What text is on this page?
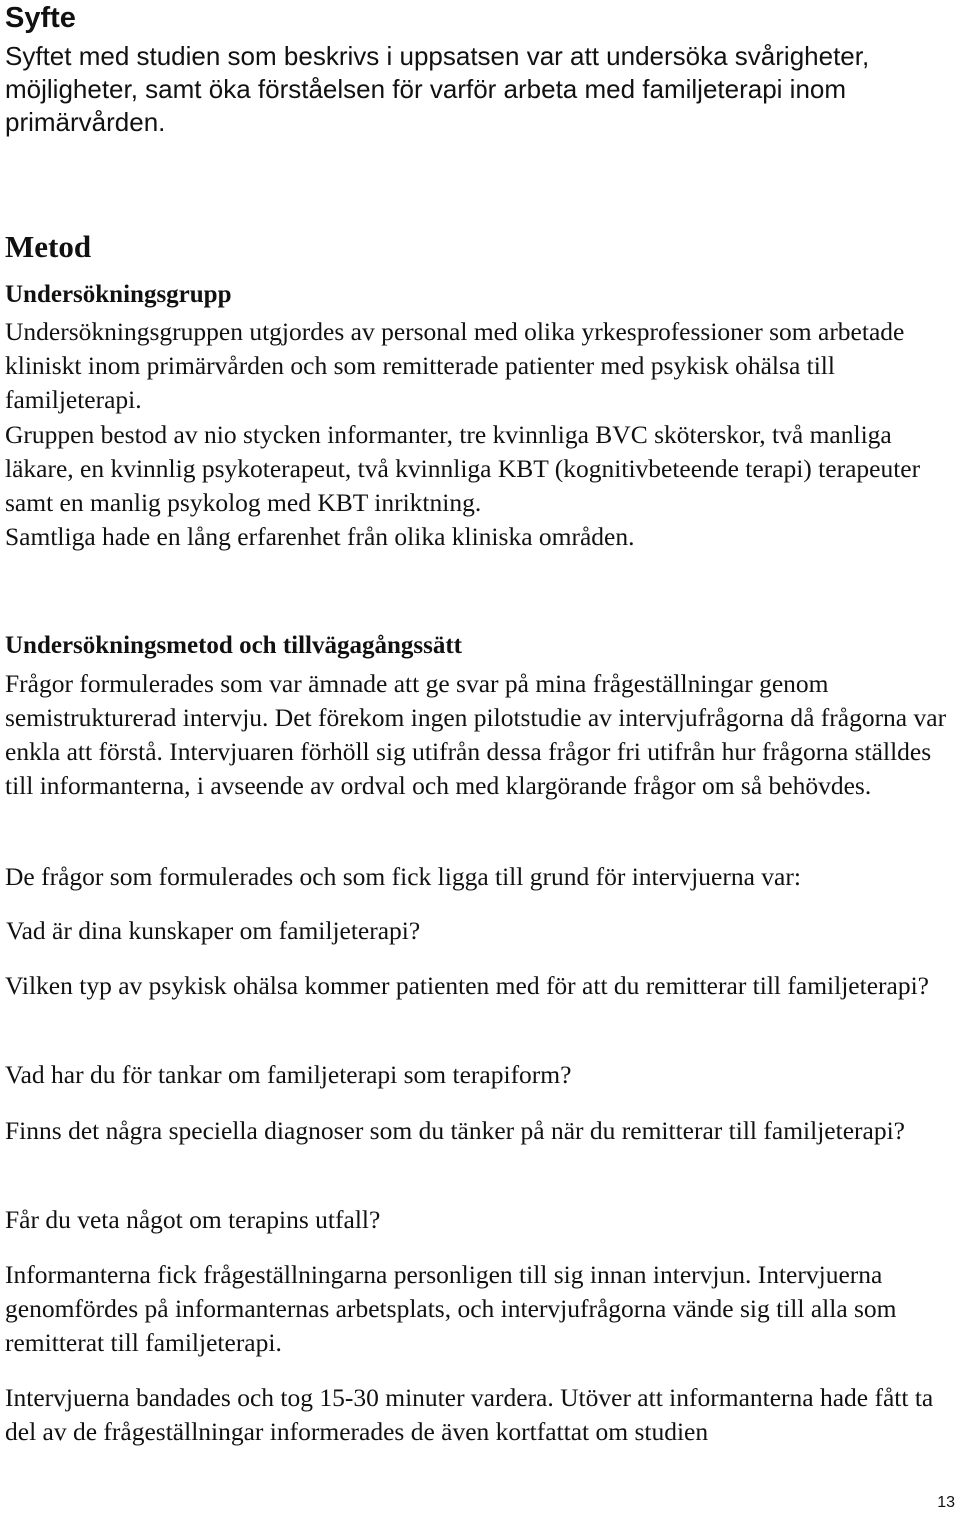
Syfte

Syftet med studien som beskrivs i uppsatsen var att undersöka svårigheter, möjligheter, samt öka förståelsen för varför arbeta med familjeterapi inom primärvården.

Metod
Undersökningsgrupp

Undersökningsgruppen utgjordes av personal med olika yrkesprofessioner som arbetade kliniskt inom primärvården och som remitterade patienter med psykisk ohälsa till familjeterapi.

Gruppen bestod av nio stycken informanter, tre kvinnliga BVC sköterskor, två manliga läkare, en kvinnlig psykoterapeut, två kvinnliga KBT (kognitivbeteende terapi) terapeuter samt en manlig psykolog med KBT inriktning.

Samtliga hade en lång erfarenhet från olika kliniska områden.

Undersökningsmetod och tillvägagångssätt

Frågor formulerades som var ämnade att ge svar på mina frågeställningar genom semistrukturerad intervju. Det förekom ingen pilotstudie av intervjufrågorna då frågorna var enkla att förstå. Intervjuaren förhöll sig utifrån dessa frågor fri utifrån hur frågorna ställdes till informanterna, i avseende av ordval och med klargörande frågor om så behövdes.

De frågor som formulerades och som fick ligga till grund för intervjuerna var:

Vad är dina kunskaper om familjeterapi?

Vilken typ av psykisk ohälsa kommer patienten med för att du remitterar till familjeterapi?

Vad har du för tankar om familjeterapi som terapiform?

Finns det några speciella diagnoser som du tänker på när du remitterar till familjeterapi?

Får du veta något om terapins utfall?

Informanterna fick frågeställningarna personligen till sig innan intervjun. Intervjuerna genomfördes på informanternas arbetsplats, och intervjufrågorna vände sig till alla som remitterat till familjeterapi.

Intervjuerna bandades och tog 15-30 minuter vardera. Utöver att informanterna hade fått ta del av de frågeställningar informerades de även kortfattat om studien

13
